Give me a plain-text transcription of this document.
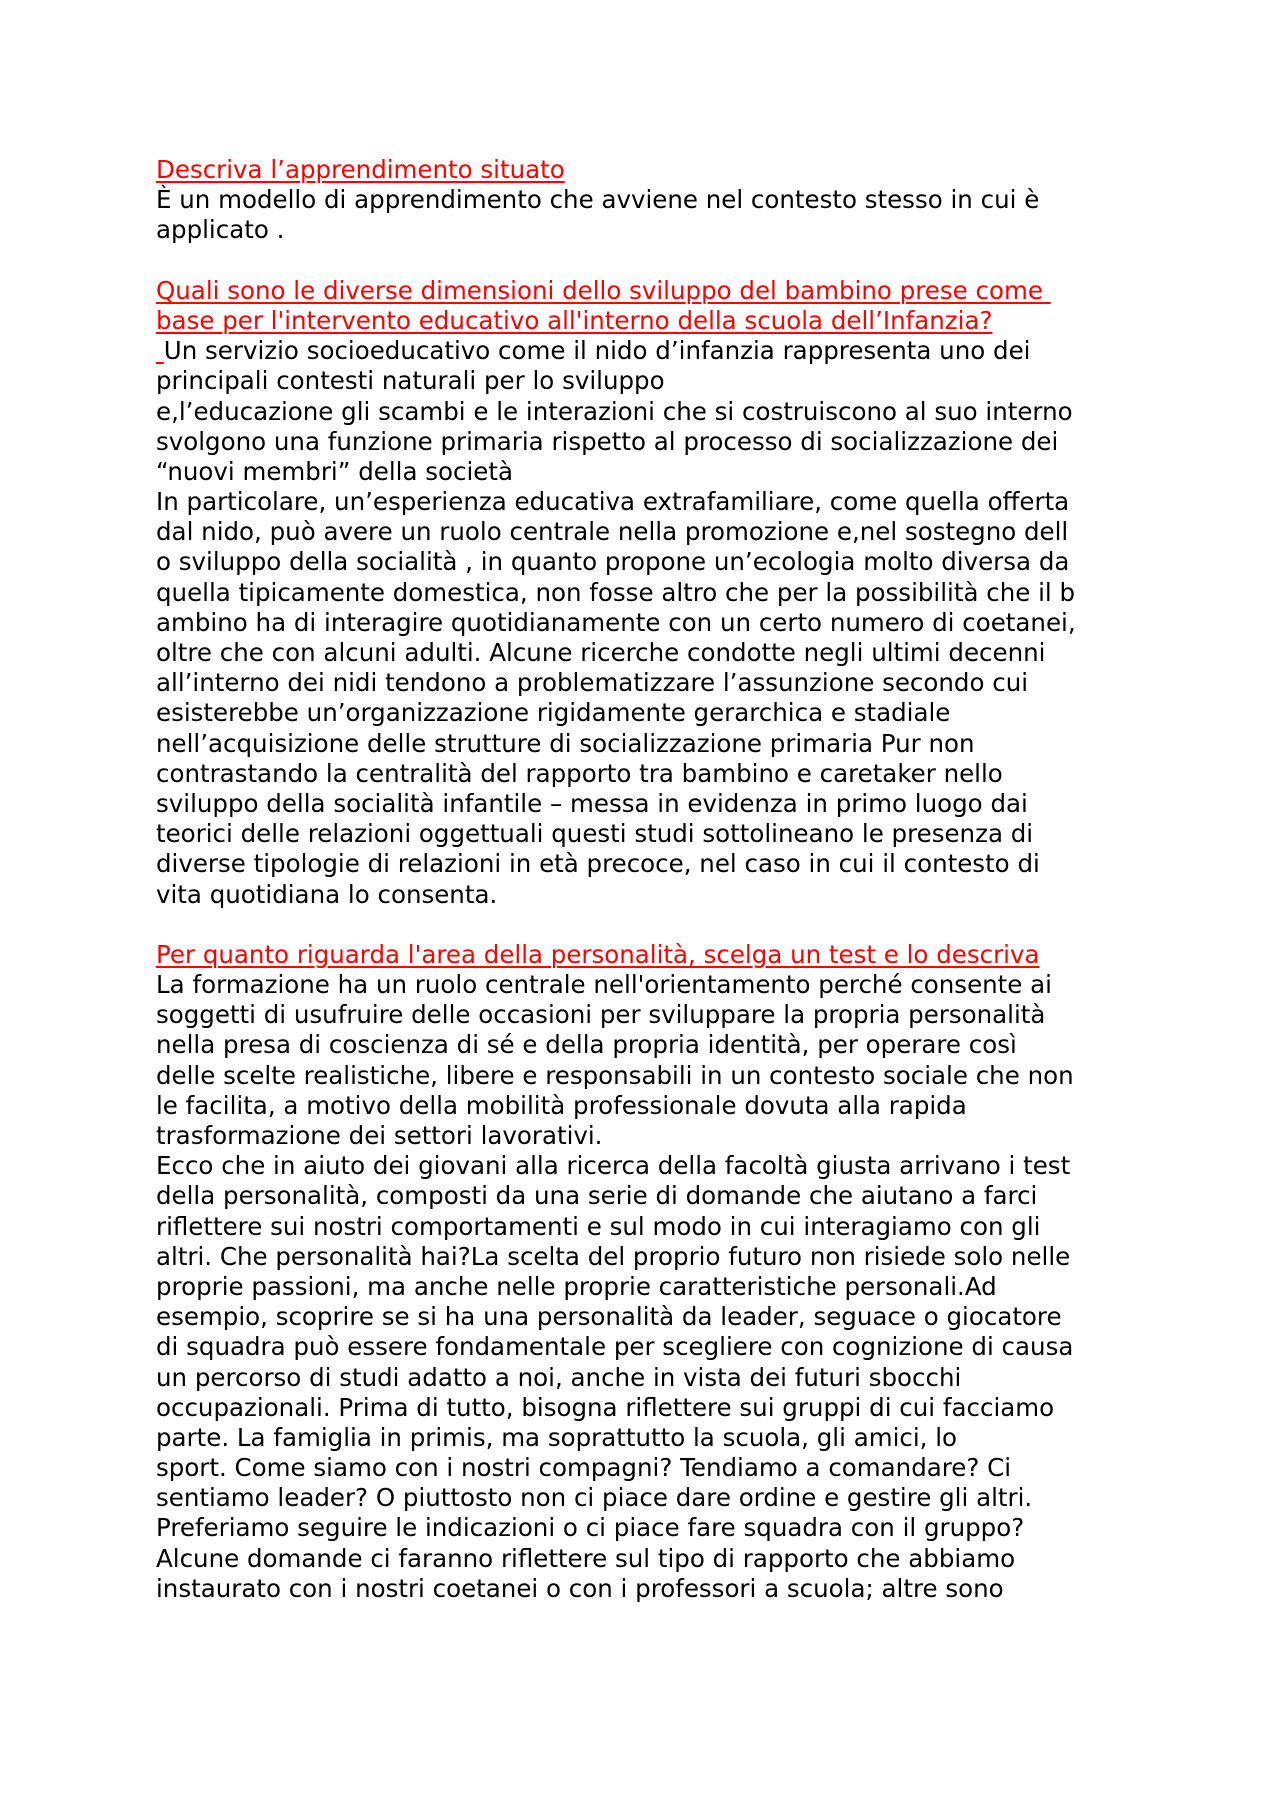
Descriva l’apprendimento situato
È un modello di apprendimento che avviene nel contesto stesso in cui è
applicato .
Quali sono le diverse dimensioni dello sviluppo del bambino prese come
base per l'intervento educativo all'interno della scuola dell’Infanzia?
Un servizio socioeducativo come il nido d’infanzia rappresenta uno dei
principali contesti naturali per lo sviluppo
e,l’educazione gli scambi e le interazioni che si costruiscono al suo interno
svolgono una funzione primaria rispetto al processo di socializzazione dei
“nuovi membri” della società
In particolare, un’esperienza educativa extrafamiliare, come quella offerta
dal nido, può avere un ruolo centrale nella promozione e,nel sostegno dell
o sviluppo della socialità , in quanto propone un’ecologia molto diversa da
quella tipicamente domestica, non fosse altro che per la possibilità che il b
ambino ha di interagire quotidianamente con un certo numero di coetanei,
oltre che con alcuni adulti. Alcune ricerche condotte negli ultimi decenni
all’interno dei nidi tendono a problematizzare l’assunzione secondo cui
esisterebbe un’organizzazione rigidamente gerarchica e stadiale
nell’acquisizione delle strutture di socializzazione primaria Pur non
contrastando la centralità del rapporto tra bambino e caretaker nello
sviluppo della socialità infantile – messa in evidenza in primo luogo dai
teorici delle relazioni oggettuali questi studi sottolineano le presenza di
diverse tipologie di relazioni in età precoce, nel caso in cui il contesto di
vita quotidiana lo consenta.
Per quanto riguarda l'area della personalità, scelga un test e lo descriva
La formazione ha un ruolo centrale nell'orientamento perché consente ai
soggetti di usufruire delle occasioni per sviluppare la propria personalità
nella presa di coscienza di sé e della propria identità, per operare così
delle scelte realistiche, libere e responsabili in un contesto sociale che non
le facilita, a motivo della mobilità professionale dovuta alla rapida
trasformazione dei settori lavorativi.
Ecco che in aiuto dei giovani alla ricerca della facoltà giusta arrivano i test
della personalità, composti da una serie di domande che aiutano a farci
riflettere sui nostri comportamenti e sul modo in cui interagiamo con gli
altri. Che personalità hai?La scelta del proprio futuro non risiede solo nelle
proprie passioni, ma anche nelle proprie caratteristiche personali.Ad
esempio, scoprire se si ha una personalità da leader, seguace o giocatore
di squadra può essere fondamentale per scegliere con cognizione di causa
un percorso di studi adatto a noi, anche in vista dei futuri sbocchi
occupazionali. Prima di tutto, bisogna riflettere sui gruppi di cui facciamo
parte. La famiglia in primis, ma soprattutto la scuola, gli amici, lo
sport. Come siamo con i nostri compagni? Tendiamo a comandare? Ci
sentiamo leader? O piuttosto non ci piace dare ordine e gestire gli altri.
Preferiamo seguire le indicazioni o ci piace fare squadra con il gruppo?
Alcune domande ci faranno riflettere sul tipo di rapporto che abbiamo
instaurato con i nostri coetanei o con i professori a scuola; altre sono
